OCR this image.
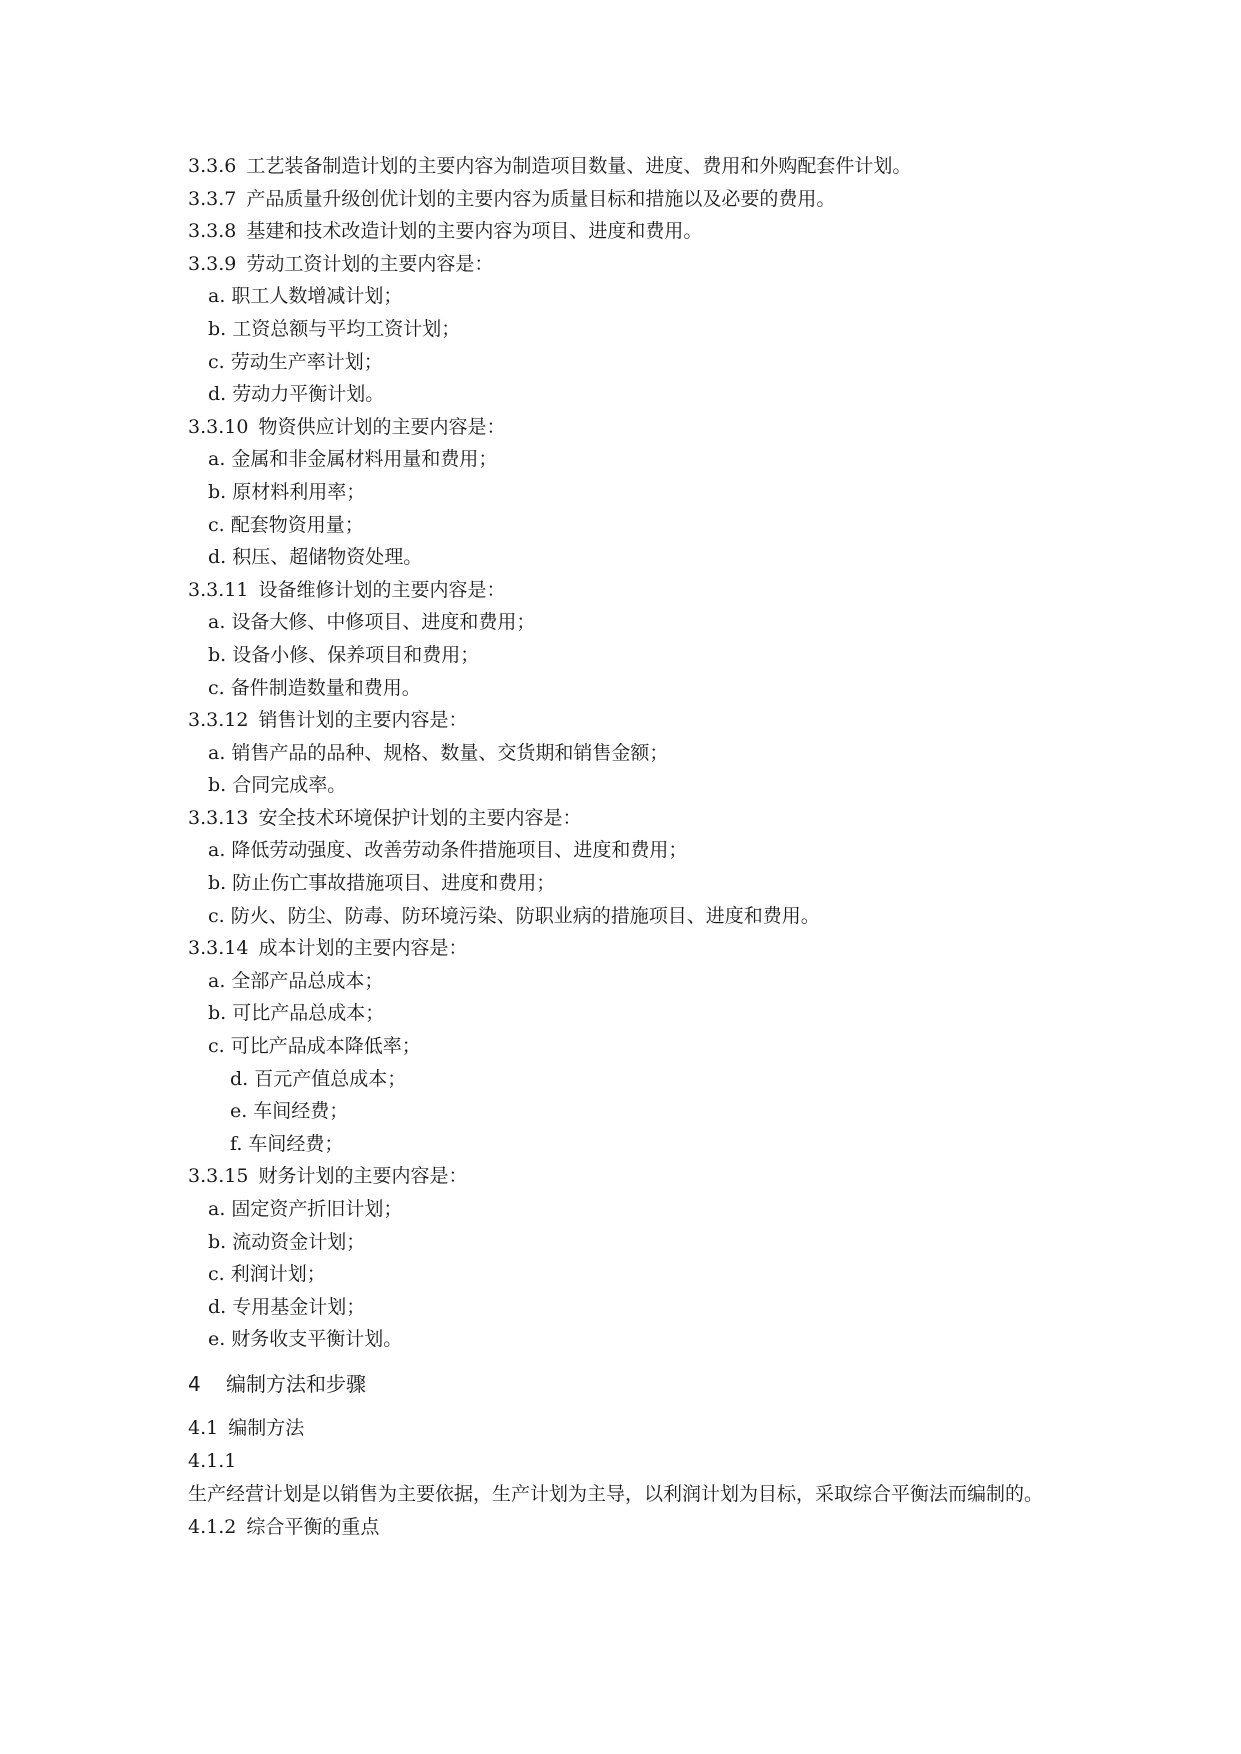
3.3.6 工艺装备制造计划的主要内容为制造项目数量、进度、费用和外购配套件计划。
3.3.7 产品质量升级创优计划的主要内容为质量目标和措施以及必要的费用。
3.3.8 基建和技术改造计划的主要内容为项目、进度和费用。
3.3.9 劳动工资计划的主要内容是：
a. 职工人数增减计划；
b. 工资总额与平均工资计划；
c. 劳动生产率计划；
d. 劳动力平衡计划。
3.3.10 物资供应计划的主要内容是：
a. 金属和非金属材料用量和费用；
b. 原材料利用率；
c. 配套物资用量；
d. 积压、超储物资处理。
3.3.11 设备维修计划的主要内容是：
a. 设备大修、中修项目、进度和费用；
b. 设备小修、保养项目和费用；
c. 备件制造数量和费用。
3.3.12 销售计划的主要内容是：
a. 销售产品的品种、规格、数量、交货期和销售金额；
b. 合同完成率。
3.3.13 安全技术环境保护计划的主要内容是：
a. 降低劳动强度、改善劳动条件措施项目、进度和费用；
b. 防止伤亡事故措施项目、进度和费用；
c. 防火、防尘、防毒、防环境污染、防职业病的措施项目、进度和费用。
3.3.14 成本计划的主要内容是：
a. 全部产品总成本；
b. 可比产品总成本；
c. 可比产品成本降低率；
d. 百元产值总成本；
e. 车间经费；
f. 车间经费；
3.3.15 财务计划的主要内容是：
a. 固定资产折旧计划；
b. 流动资金计划；
c. 利润计划；
d. 专用基金计划；
e. 财务收支平衡计划。
4 编制方法和步骤
4.1 编制方法
4.1.1
生产经营计划是以销售为主要依据，生产计划为主导，以利润计划为目标，采取综合平衡法而编制的。
4.1.2 综合平衡的重点
